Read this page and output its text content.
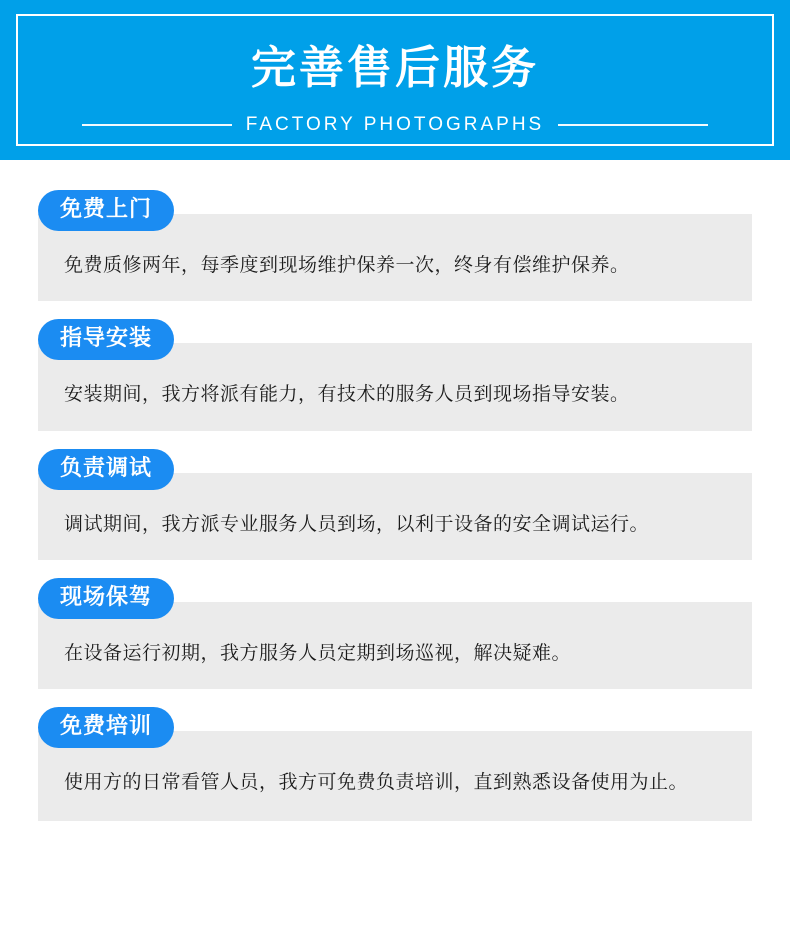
完善售后服务
FACTORY PHOTOGRAPHS
免费上门
免费质修两年，每季度到现场维护保养一次，终身有偿维护保养。
指导安装
安装期间，我方将派有能力，有技术的服务人员到现场指导安装。
负责调试
调试期间，我方派专业服务人员到场，以利于设备的安全调试运行。
现场保驾
在设备运行初期，我方服务人员定期到场巡视，解决疑难。
免费培训
使用方的日常看管人员，我方可免费负责培训，直到熟悉设备使用为止。
